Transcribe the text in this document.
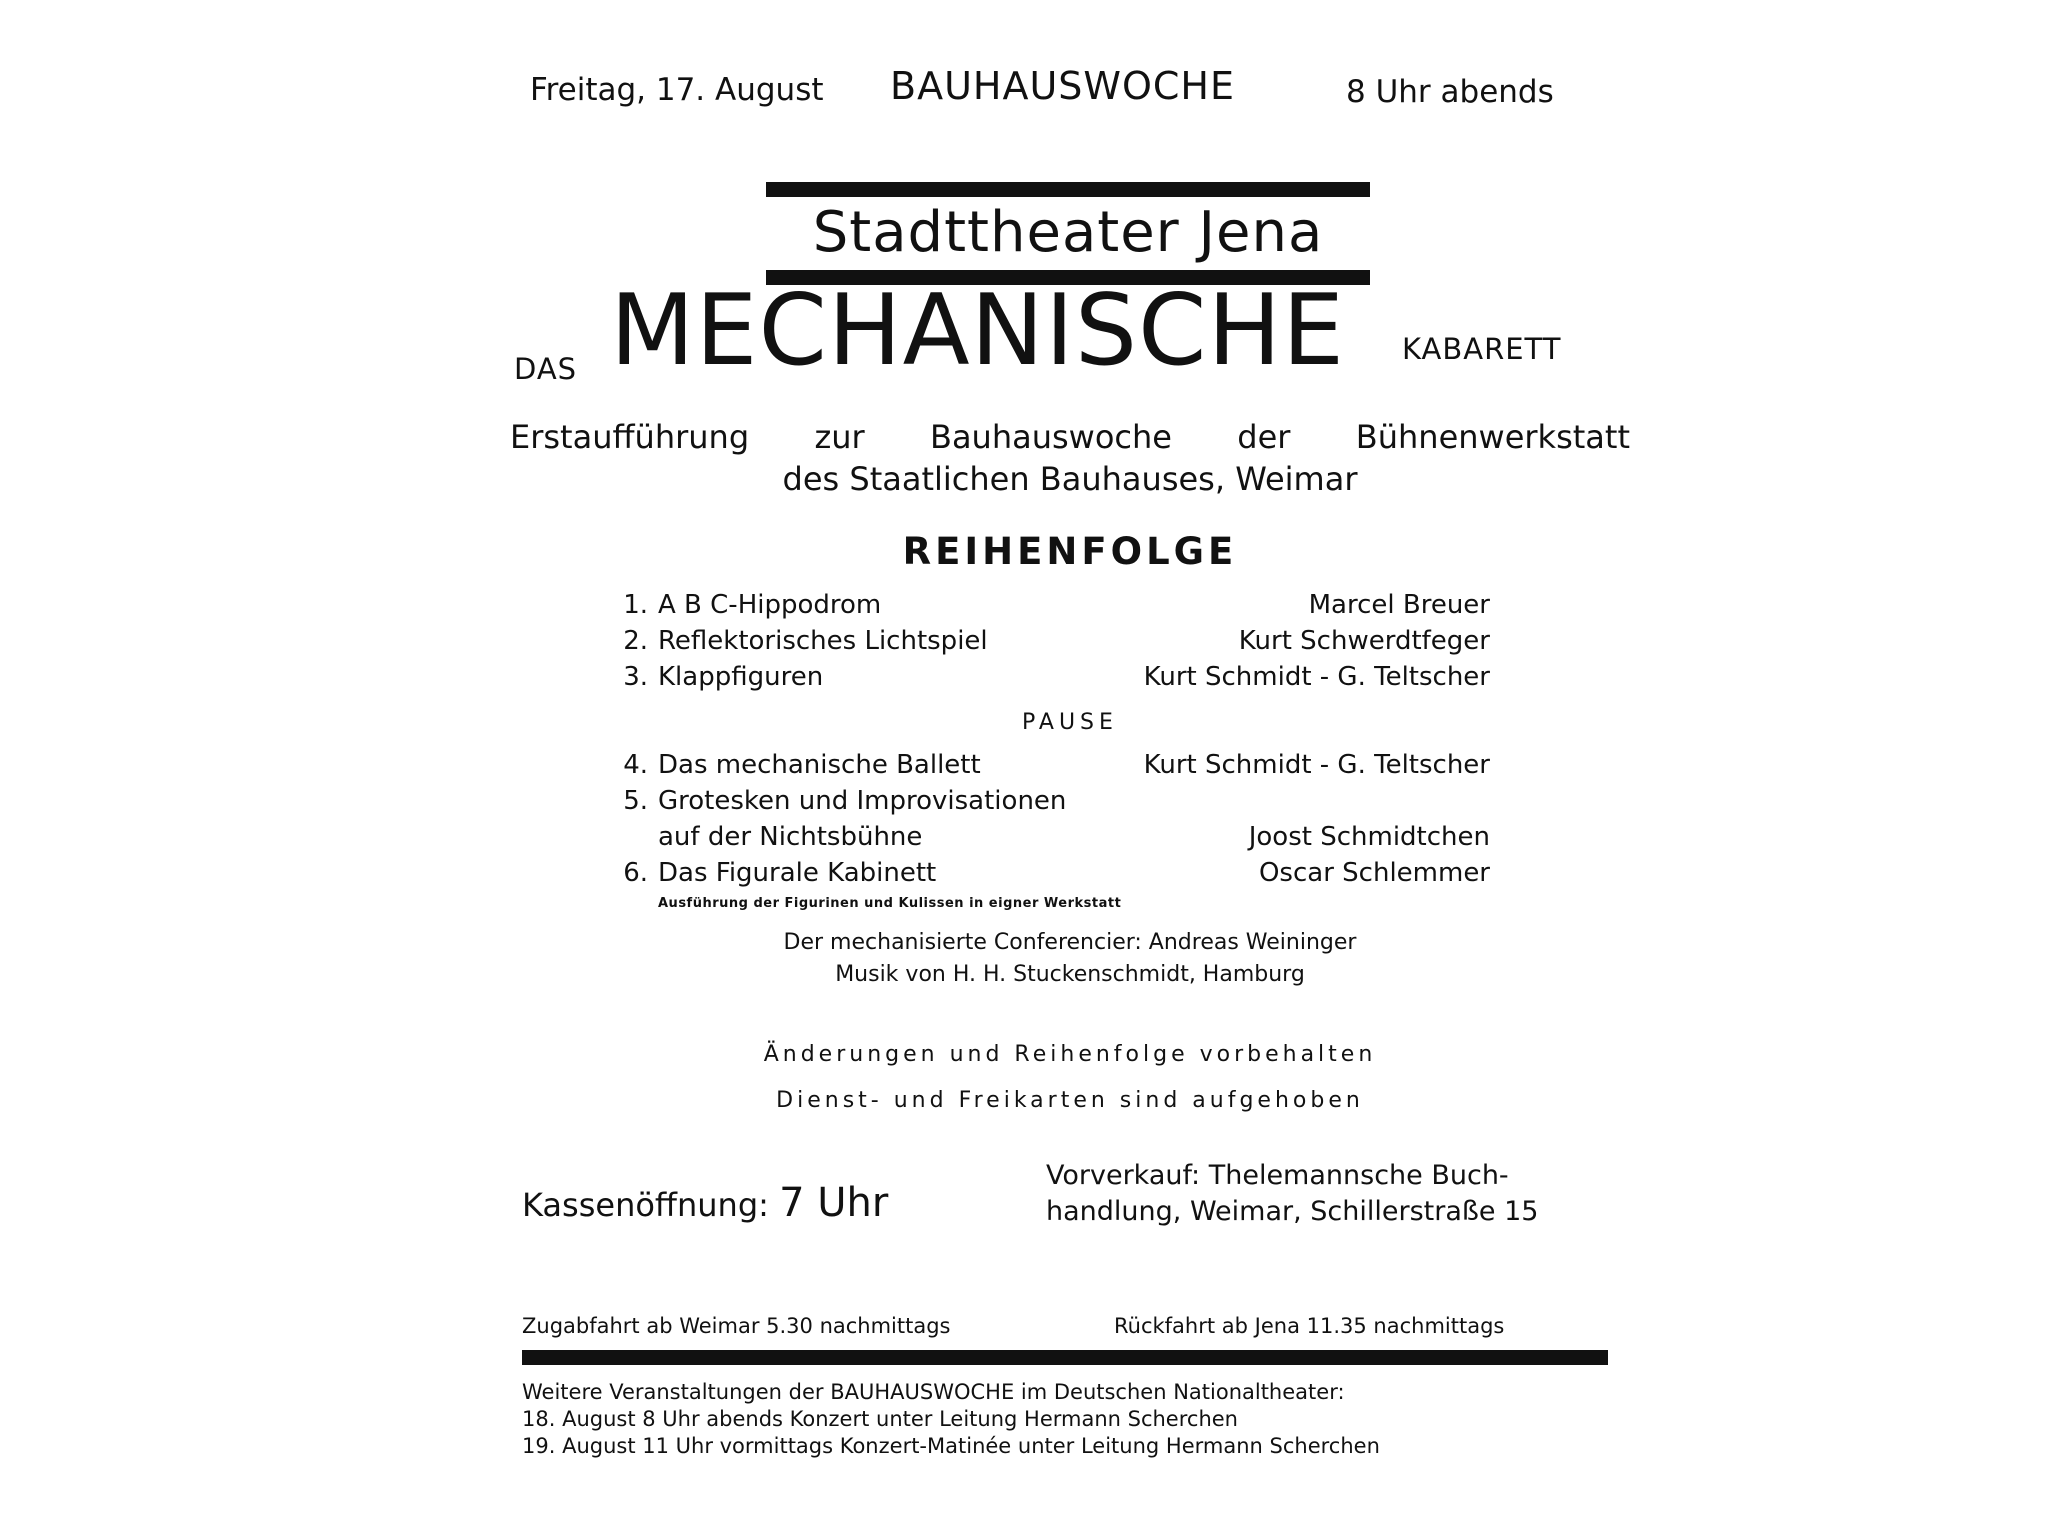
Freitag, 17. August BAUHAUSWOCHE	8 Uhr abends
Stadttheater Jena
DAS MECHANISCHE KABARETT
Erstaufführung zur Bauhauswoche der Bühnenwerkstatt
des Staatlichen Bauhauses, Weimar
REIHENFOLGE
1. A B C-Hippodrom	Marcel Breuer
2. Reflektorisches Lichtspiel	Kurt Schwerdtfeger
3. Klappfiguren	Kurt Schmidt - G. Teltscher
PAUSE
4. Das mechanische Ballett	Kurt Schmidt - G. Teltscher
5. Grotesken und Improvisationen
auf der Nichtsbühne	Joost Schmidtchen
6. Das Figurale Kabinett	Oscar Schlemmer
Ausführung der Figurinen und Kulissen in eigner Werkstatt
Der mechanisierte Conferencier: Andreas Weininger
Musik von H. H. Stuckenschmidt, Hamburg
Änderungen und Reihenfolge vorbehalten
Dienst- und Freikarten sind aufgehoben
Kassenöffnung: 7 Uhr
Vorverkauf: Thelemannsche Buch-
handlung, Weimar, Schillerstraße 15
Zugabfahrt ab Weimar 5.30 nachmittags	Rückfahrt ab Jena 11.35 nachmittags
Weitere Veranstaltungen der BAUHAUSWOCHE im Deutschen Nationaltheater:
18. August 8 Uhr abends Konzert unter Leitung Hermann Scherchen
19. August 11 Uhr vormittags Konzert-Matinée unter Leitung Hermann Scherchen
